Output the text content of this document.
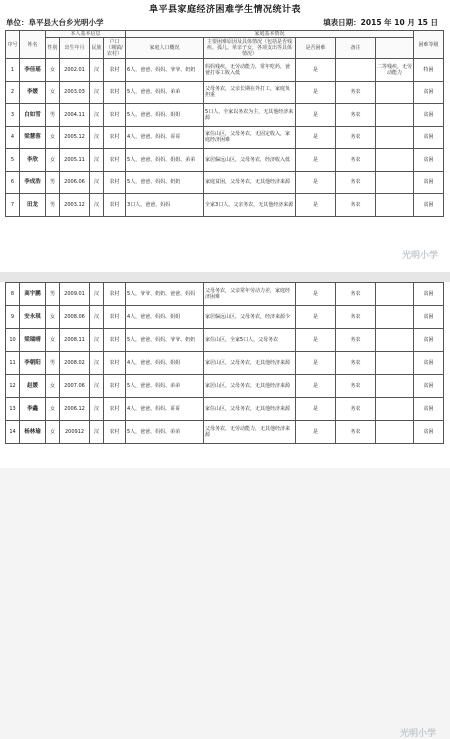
阜平县家庭经济困难学生情况统计表
单位：阜平县大台乡光明小学	填表日期：2015 年 10 月 15 日
序号	姓名	本人基本信息				家庭基本情况					困难等级
		性别	出生年月	民族	户口（城镇/农村）	家庭人口概况	主要困难原因及具体情况（包括是否残疾、孤儿、单亲子女，各项支出等具体情况）	是否困难	备注		
1	李佳瑶	女	2002.01	汉	农村	6人，爸爸、妈妈、爷爷、奶奶	妈妈残疾，无劳动能力，常年吃药，爸爸打零工收入低	是		二等残疾，无劳动能力	特困
2	李媛	女	2003.03	汉	农村	5人，爸爸、妈妈、弟弟	父母务农，父亲长期在外打工，家庭负担重	是	务农		贫困
3	白如雪	男	2004.11	汉	农村	5人，爸爸、妈妈、姐姐	5口人，全家以务农为主，无其他经济来源	是	务农		贫困
4	梁慧蓉	女	2005.12	汉	农村	4人，爸爸、妈妈、哥哥	家住山区，父母务农，无固定收入，家庭经济困难	是	务农		贫困
5	李欣	女	2005.11	汉	农村	5人，爸爸、妈妈、姐姐、弟弟	家居偏远山区，父母务农，经济收入低	是	务农		贫困
6	李成浩	男	2006.06	汉	农村	5人，爸爸、妈妈、奶奶	家庭贫困，父母务农，无其他经济来源	是	务农		贫困
7	田龙	男	2003.12	汉	农村	3口人，爸爸、妈妈	全家3口人，父亲务农，无其他经济来源	是	务农		贫困
光明小学
8	高宇鹏	男	2009.01	汉	农村	5人，爷爷、奶奶、爸爸、妈妈	父母务农，父亲常年劳动力差，家庭经济困难	是	务农		贫困
9	安永琪	女	2008.06	汉	农村	4人，爸爸、妈妈、姐姐	家居偏远山区，父母务农，经济来源少	是	务农		贫困
10	梁瑞晴	女	2008.11	汉	农村	5人，爸爸、妈妈、爷爷、奶奶	家住山区，全家5口人，父母务农	是	务农		贫困
11	李朝阳	男	2008.02	汉	农村	4人，爸爸、妈妈、姐姐	家居山区，父母务农，无其他经济来源	是	务农		贫困
12	赵媛	女	2007.06	汉	农村	5人，爸爸、妈妈、弟弟	家居山区，父母务农，无其他经济来源	是	务农		贫困
13	李鑫	女	2006.12	汉	农村	4人，爸爸、妈妈、哥哥	家住山区，父母务农，无其他经济来源	是	务农		贫困
14	杨林瑜	女	200912	汉	农村	5人，爸爸、妈妈、弟弟	父母务农，无劳动能力，无其他经济来源	是	务农		贫困
光明小学
